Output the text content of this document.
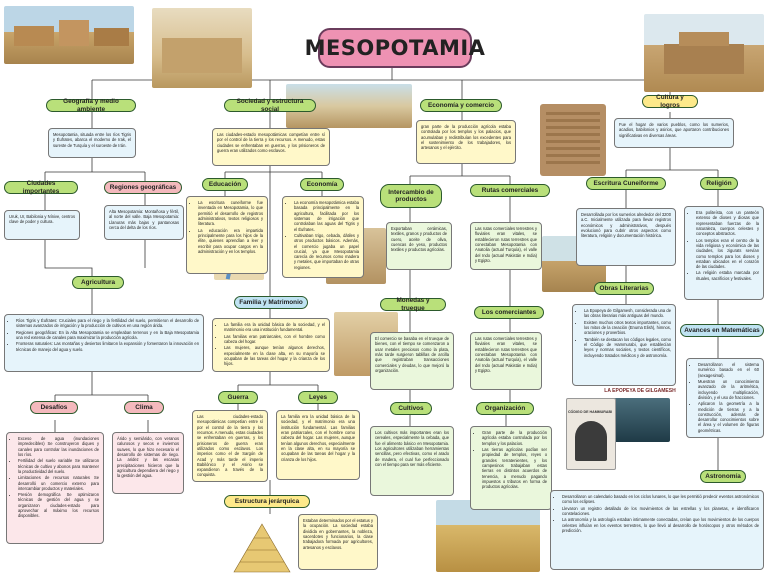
MESOPOTAMIA
LA EPOPEYA DE GILGAMESH
CÓDIGO DE HAMMURABI
Geografía y medio ambiente
Mesopotamia, situada entre los ríos Tigris y Éufrates, abarca el moderno de Irak, el sureste de Turquía y el suroeste de Irán.
Ciudades importantes
Regiones geográficas
Uruk, Ur, Babilonia y Nínive, centros clave de poder y cultura.
Alta Mesopotamia: Montañosa y fértil, al norte del valle. Baja Mesopotamia: Llanuras más bajas y pantanosas cerca del delta de los ríos.
Agricultura
• Ríos Tigris y Éufrates: Cruciales para el riego y la fertilidad del suelo, permitieron el desarrollo de sistemas avanzados de irrigación y la producción de cultivos en una región árida.
• Regiones geográficas: En la Alta Mesopotamia se empleaban terrenos y en la Baja Mesopotamia una red extensa de canales para maximizar la producción agrícola.
• Fronteras naturales: Las montañas y desiertos limitaron la expansión y fomentaron la innovación en técnicas de manejo del agua y suelo.
Desafíos	Clima
• Exceso de agua (inundaciones impredecibles) Se construyeron diques y canales para controlar las inundaciones de los ríos.
• Fertilidad del suelo variable Se utilizaron técnicas de cultivo y abonos para mantener la productividad del suelo.
• Limitaciones de recursos naturales Se desarrolló un comercio externo para intercambiar productos y materiales.
• Presión demográfica Se optimizaron técnicas de gestión del agua y se organizaron ciudades-estado para aprovechar al máximo los recursos disponibles.
Árido y semiárido, con veranos calurosos y secos e inviernos suaves, lo que hizo necesario el desarrollo de sistemas de riego. La aridez y las escasas precipitaciones hicieron que la agricultura dependiera del riego y la gestión del agua.
Sociedad y estructura social
Las ciudades-estado mesopotámicas competían entre sí por el control de la tierra y los recursos. A menudo, estas ciudades se enfrentaban en guerras, y los prisioneros de guerra eran utilizados como esclavos.
Educación	Economía
• La escritura cuneiforme fue inventada en Mesopotamia, lo que permitió el desarrollo de registros administrativos, textos religiosos y literatura.
• La educación era impartida principalmente para los hijos de la élite, quienes aprendían a leer y escribir para ocupar cargos en la administración y en los templos.
• La economía mesopotámica estaba basada principalmente en la agricultura, facilitada por los sistemas de irrigación que controlaban las aguas del Tigris y el Éufrates.
• Cultivaban trigo, cebada, dátiles y otros productos básicos. Además, el comercio jugaba un papel crucial, ya que Mesopotamia carecía de recursos como madera y metales, que importaban de otras regiones.
Familia y Matrimonio
• La familia era la unidad básica de la sociedad, y el matrimonio era una institución fundamental.
• Las familias eran patriarcales, con el hombre como cabeza del hogar.
• Las mujeres, aunque tenían algunos derechos, especialmente en la clase alta, en su mayoría se ocupaban de las tareas del hogar y la crianza de los hijos.
Guerra	Leyes
Las ciudades-estado mesopotámicas competían entre sí por el control de la tierra y los recursos. A menudo, estas ciudades se enfrentaban en guerras, y los prisioneros de guerra eran utilizados como esclavos. Los imperios como el de Sargón de Acad y más tarde el imperio Babilónico y el Asirio se expandieron a través de la conquista.
La familia era la unidad básica de la sociedad, y el matrimonio era una institución fundamental. Las familias eran patriarcales, con el hombre como cabeza del hogar. Las mujeres, aunque tenían algunos derechos, especialmente en la clase alta, en su mayoría se ocupaban de las tareas del hogar y la crianza de los hijos.
Estructura jerárquica
Estaban determinados por el estatus y la ocupación. La sociedad estaba dividida en gobernantes, la nobleza, sacerdotes y funcionarios, la clase trabajadora formada por agricultores, artesanos y esclavos.
Economía y comercio
gran parte de la producción agrícola estaba controlada por los templos y los palacios, que acumulaban y redistribuían los excedentes para el sostenimiento de los trabajadores, los artesanos y el ejército.
Intercambio de productos
Rutas comerciales
Exportaban cerámicas, textiles, granos y productos de cuero, aceite de oliva, cuencas de yeso, productos textiles y productos agrícolas.
Las rutas comerciales terrestres y fluviales eran vitales, se establecieron rutas terrestres que conectaban Mesopotamia con Anatolia (actual Turquía), el valle del Indo (actual Pakistán e India) y Egipto.
Monedas y trueque
Los comerciantes
El comercio se basaba en el trueque de bienes, con el tiempo se comenzaron a usar metales preciosos como la plata, más tarde surgieron tablillas de arcilla que registraban transacciones comerciales y deudas, lo que mejoró la organización.
Las rutas comerciales terrestres y fluviales eran vitales, se establecieron rutas terrestres que conectaban Mesopotamia con Anatolia (actual Turquía), el valle del Indo (actual Pakistán e India) y Egipto.
Cultivos	Organización
Los cultivos más importantes eran los cereales, especialmente la cebada, que fue el alimento básico en Mesopotamia. Los agricultores utilizaban herramientas sencillas, pero efectivas, como el arado de madera, el cual fue perfeccionado con el tiempo para ser más eficiente.
• Gran parte de la producción agrícola estaba controlada por los templos y los palacios.
• Las tierras agrícolas podían ser propiedad de templos, reyes o grandes terratenientes, y los campesinos trabajaban estas tierras en distintos acuerdos de tenencia, a menudo pagando impuestos o tributos en forma de productos agrícolas.
Cultura y logros
Fue el hogar de varios pueblos, como los sumerios, acadios, babilonios y asirios, que aportaron contribuciones significativas en diversas áreas.
Escritura Cuneiforme	Religión
Desarrollada por los sumerios alrededor del 3200 a.C. Inicialmente utilizada para llevar registros económicos y administrativos, después evolucionó para cubrir otros aspectos como literatura, religión y documentación histórica.
• Era politeísta, con un panteón extenso de dioses y diosas que representaban fuerzas de la naturaleza, cuerpos celestes y conceptos abstractos.
• Los templos eran el centro de la vida religiosa y económica de las ciudades, los zigurats servían como templos para los dioses y estaban ubicados en el corazón de las ciudades.
• La religión estaba marcada por rituales, sacrificios y festivales.
Obras Literarias
• La Epopeya de Gilgamesh, considerada una de las obras literarias más antiguas del mundo.
• Existen muchos otros textos importantes, como los mitos de la creación (Enuma Elish), himnos, oraciones y proverbios.
• También se destacan los códigos legales, como el Código de Hammurabi, que establecían leyes y normas sociales, y textos científicos, incluyendo tratados médicos y de astronomía.
Avances en Matemáticas
• Desarrollaron el sistema numérico basado en el 60 (sexagesimal).
• Muestran un conocimiento avanzado de la aritmética, incluyendo multiplicación, división, y el uso de fracciones.
• Aplicaron la geometría a la medición de tierras y a la construcción, además de desarrollar conocimientos sobre el área y el volumen de figuras geométricas.
Astronomía
• Desarrollaron un calendario basado en los ciclos lunares, lo que les permitió predecir eventos astronómicos como los eclipses.
• Llevaron un registro detallado de los movimientos de las estrellas y los planetas, e identificaron constelaciones.
• La astronomía y la astrología estaban intimamente conectadas, creían que los movimientos de los cuerpos celestes influían en los eventos terrestres, lo que llevó al desarrollo de horóscopos y otros métodos de predicción.
